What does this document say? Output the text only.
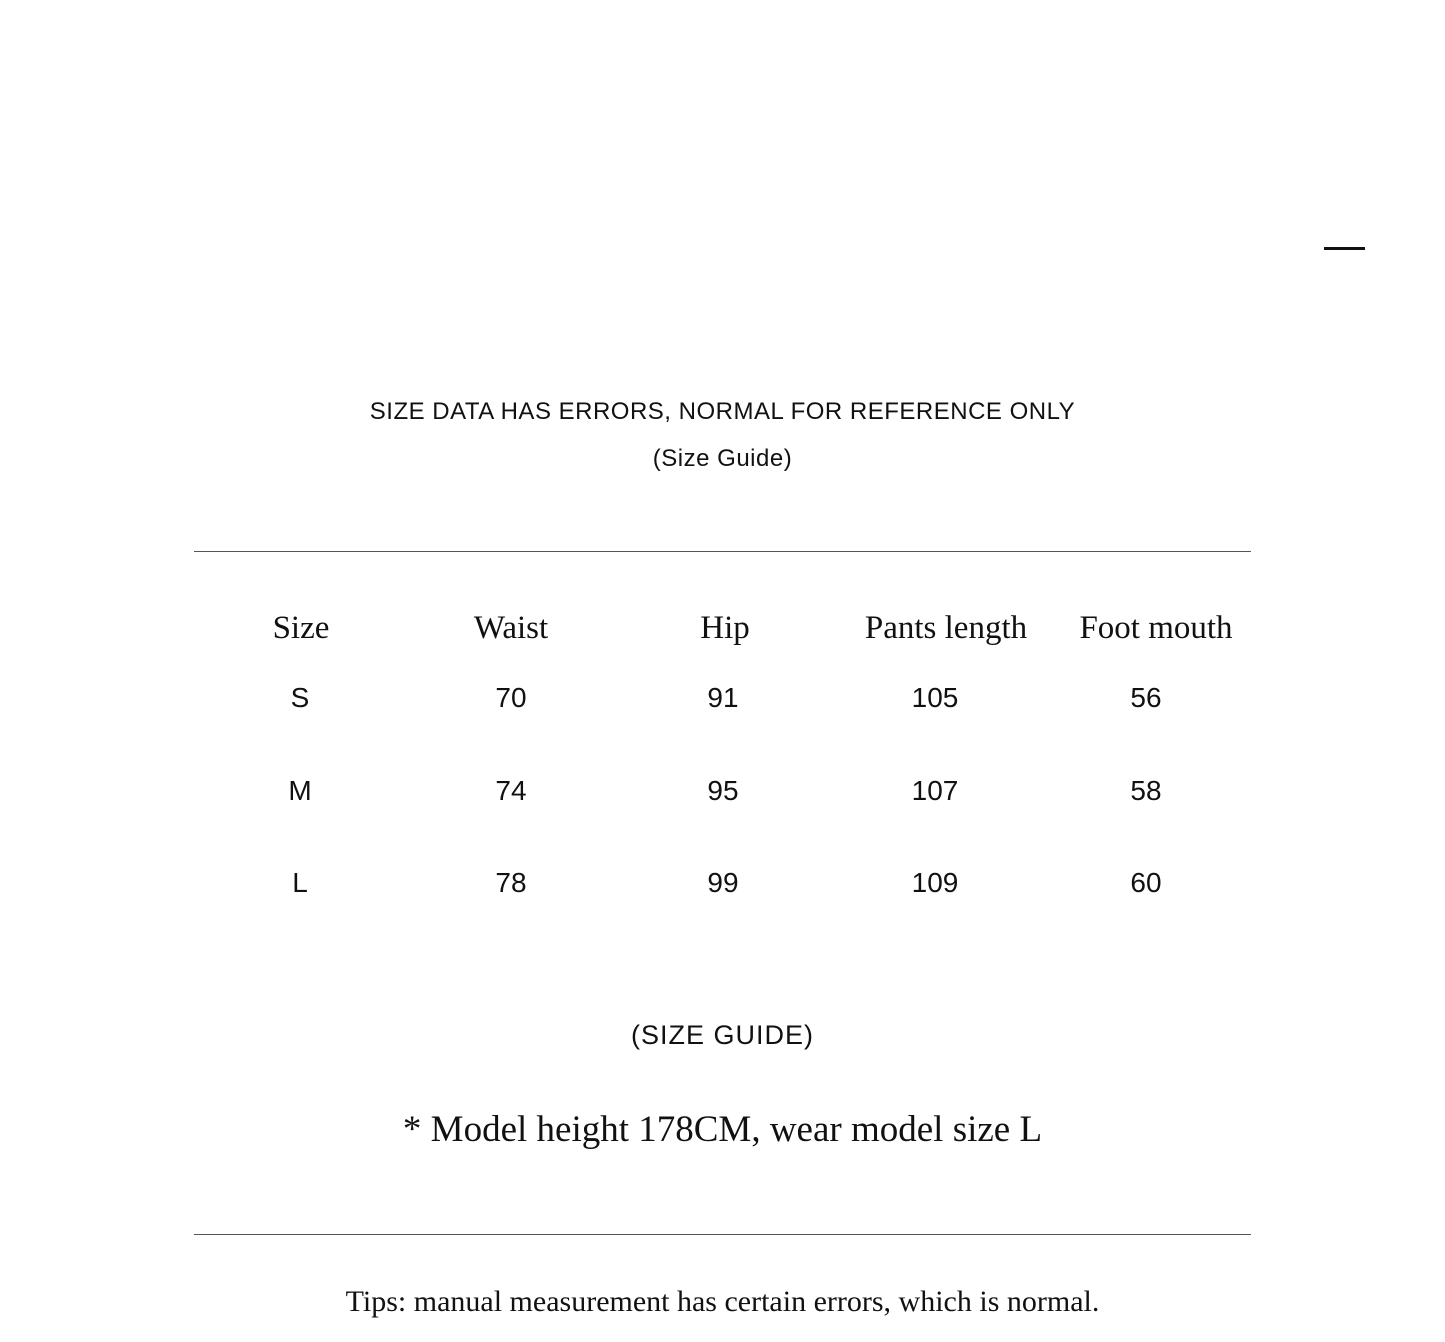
SIZE DATA HAS ERRORS, NORMAL FOR REFERENCE ONLY
(Size Guide)
Size	Waist	Hip	Pants length	Foot mouth
S	70	91	105	56
M	74	95	107	58
L	78	99	109	60
(SIZE GUIDE)
* Model height 178CM, wear model size L
Tips: manual measurement has certain errors, which is normal.
